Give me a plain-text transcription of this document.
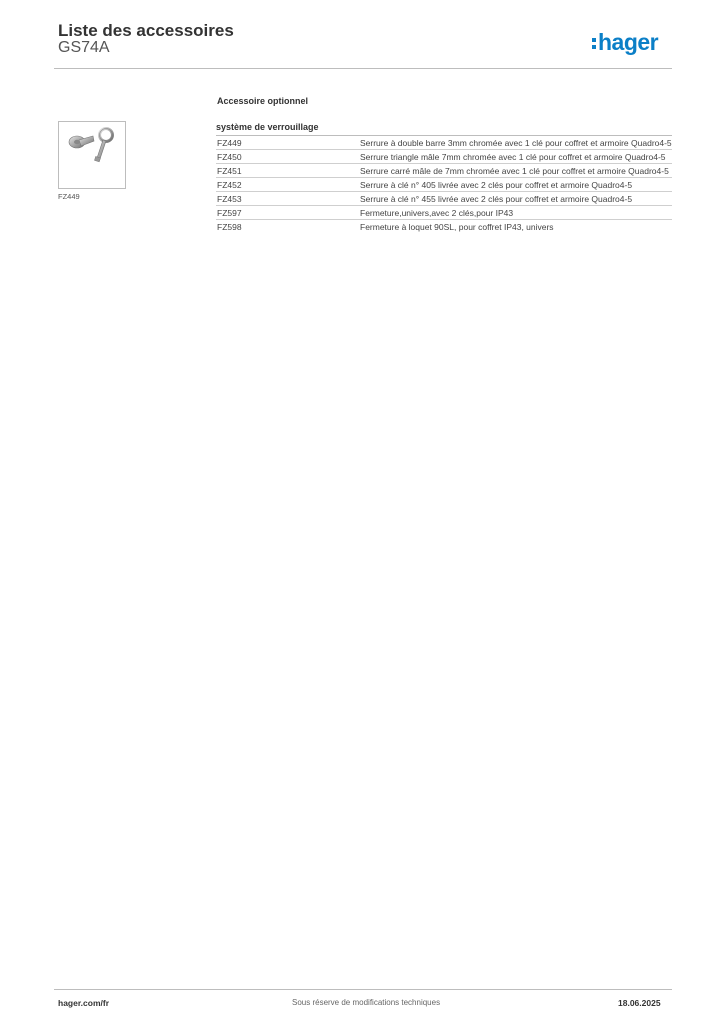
Liste des accessoires
GS74A	hager
Accessoire optionnel
FZ449
système de verrouillage
FZ449	Serrure à double barre 3mm chromée avec 1 clé pour coffret et armoire Quadro4-5
FZ450	Serrure triangle mâle 7mm chromée avec 1 clé pour coffret et armoire Quadro4-5
FZ451	Serrure carré mâle de 7mm chromée avec 1 clé pour coffret et armoire Quadro4-5
FZ452	Serrure à clé n° 405 livrée avec 2 clés pour coffret et armoire Quadro4-5
FZ453	Serrure à clé n° 455 livrée avec 2 clés pour coffret et armoire Quadro4-5
FZ597	Fermeture,univers,avec 2 clés,pour IP43
FZ598	Fermeture à loquet 90SL, pour coffret IP43, univers
hager.com/fr	Sous réserve de modifications techniques	18.06.2025
